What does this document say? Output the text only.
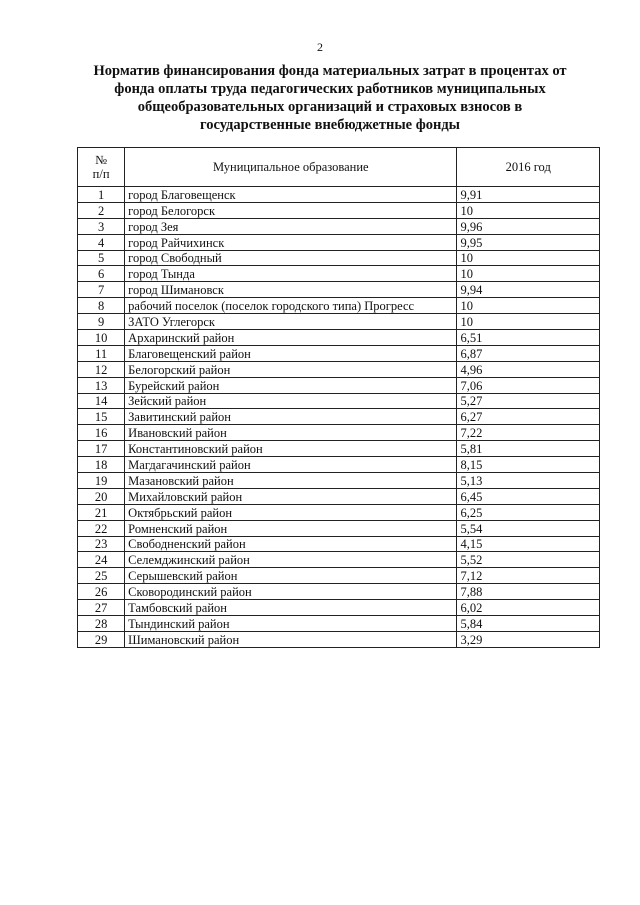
2
Норматив финансирования фонда материальных затрат в процентах от
фонда оплаты труда педагогических работников муниципальных
общеобразовательных организаций и страховых взносов в
государственные внебюджетные фонды
№
п/п	Муниципальное образование	2016 год
1	город Благовещенск	9,91
2	город Белогорск	10
3	город Зея	9,96
4	город Райчихинск	9,95
5	город Свободный	10
6	город Тында	10
7	город Шимановск	9,94
8	рабочий поселок (поселок городского типа) Прогресс	10
9	ЗАТО Углегорск	10
10	Архаринский район	6,51
11	Благовещенский район	6,87
12	Белогорский район	4,96
13	Бурейский район	7,06
14	Зейский район	5,27
15	Завитинский район	6,27
16	Ивановский район	7,22
17	Константиновский район	5,81
18	Магдагачинский район	8,15
19	Мазановский район	5,13
20	Михайловский район	6,45
21	Октябрьский район	6,25
22	Ромненский район	5,54
23	Свободненский район	4,15
24	Селемджинский район	5,52
25	Серышевский район	7,12
26	Сковородинский район	7,88
27	Тамбовский район	6,02
28	Тындинский район	5,84
29	Шимановский район	3,29
